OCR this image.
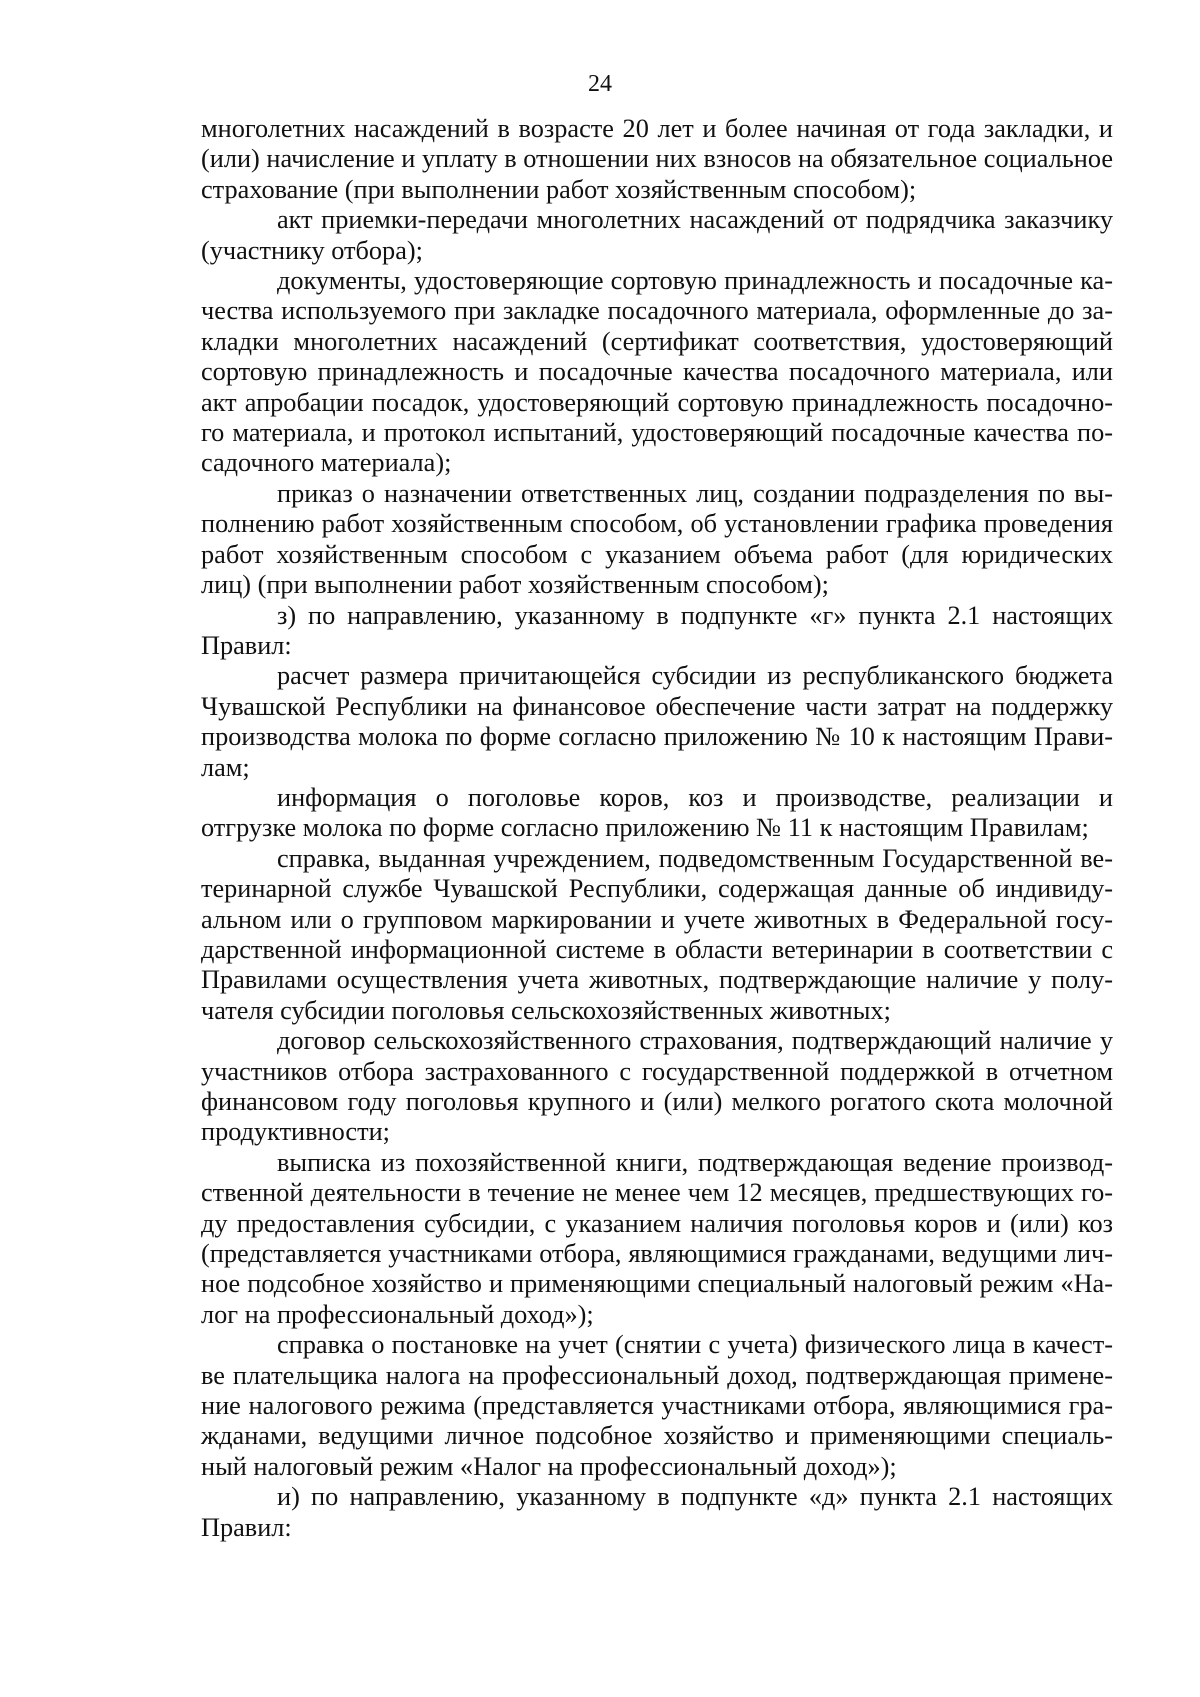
24

многолетних насаждений в возрасте 20 лет и более начиная от года закладки, и (или) начисление и уплату в отношении них взносов на обязательное социальное страхование (при выполнении работ хозяйственным способом);

акт приемки-передачи многолетних насаждений от подрядчика заказчику (участнику отбора);

документы, удостоверяющие сортовую принадлежность и посадочные качества используемого при закладке посадочного материала, оформленные до закладки многолетних насаждений (сертификат соответствия, удостоверяющий сортовую принадлежность и посадочные качества посадочного материала, или акт апробации посадок, удостоверяющий сортовую принадлежность посадочного материала, и протокол испытаний, удостоверяющий посадочные качества посадочного материала);

приказ о назначении ответственных лиц, создании подразделения по выполнению работ хозяйственным способом, об установлении графика проведения работ хозяйственным способом с указанием объема работ (для юридических лиц) (при выполнении работ хозяйственным способом);

з) по направлению, указанному в подпункте «г» пункта 2.1 настоящих Правил:

расчет размера причитающейся субсидии из республиканского бюджета Чувашской Республики на финансовое обеспечение части затрат на поддержку производства молока по форме согласно приложению № 10 к настоящим Правилам;

информация о поголовье коров, коз и производстве, реализации и отгрузке молока по форме согласно приложению № 11 к настоящим Правилам;

справка, выданная учреждением, подведомственным Государственной ветеринарной службе Чувашской Республики, содержащая данные об индивидуальном или о групповом маркировании и учете животных в Федеральной государственной информационной системе в области ветеринарии в соответствии с Правилами осуществления учета животных, подтверждающие наличие у получателя субсидии поголовья сельскохозяйственных животных;

договор сельскохозяйственного страхования, подтверждающий наличие у участников отбора застрахованного с государственной поддержкой в отчетном финансовом году поголовья крупного и (или) мелкого рогатого скота молочной продуктивности;

выписка из похозяйственной книги, подтверждающая ведение производственной деятельности в течение не менее чем 12 месяцев, предшествующих году предоставления субсидии, с указанием наличия поголовья коров и (или) коз (представляется участниками отбора, являющимися гражданами, ведущими личное подсобное хозяйство и применяющими специальный налоговый режим «Налог на профессиональный доход»);

справка о постановке на учет (снятии с учета) физического лица в качестве плательщика налога на профессиональный доход, подтверждающая применение налогового режима (представляется участниками отбора, являющимися гражданами, ведущими личное подсобное хозяйство и применяющими специальный налоговый режим «Налог на профессиональный доход»);

и) по направлению, указанному в подпункте «д» пункта 2.1 настоящих Правил:
